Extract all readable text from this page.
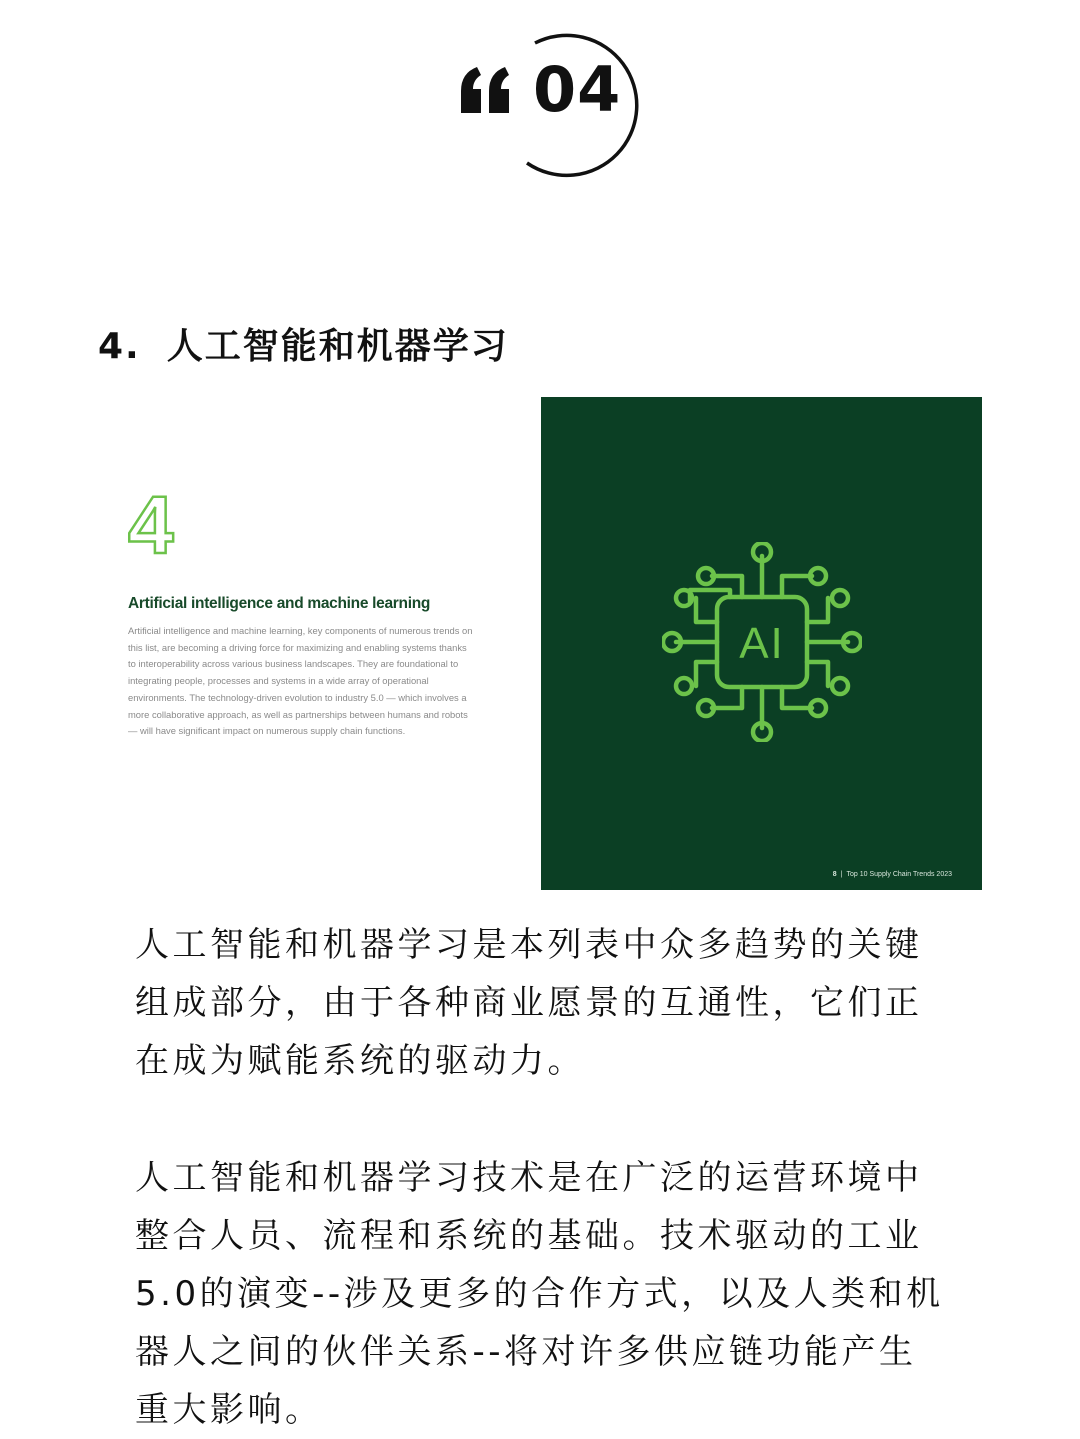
04
4. 人工智能和机器学习
4
Artificial intelligence and machine learning
Artificial intelligence and machine learning, key components of numerous trends on this list, are becoming a driving force for maximizing and enabling systems thanks to interoperability across various business landscapes. They are foundational to integrating people, processes and systems in a wide array of operational environments. The technology-driven evolution to industry 5.0 — which involves a more collaborative approach, as well as partnerships between humans and robots — will have significant impact on numerous supply chain functions.
AI
8 | Top 10 Supply Chain Trends 2023

人工智能和机器学习是本列表中众多趋势的关键组成部分，由于各种商业愿景的互通性，它们正在成为赋能系统的驱动力。

人工智能和机器学习技术是在广泛的运营环境中整合人员、流程和系统的基础。技术驱动的工业5.0的演变--涉及更多的合作方式，以及人类和机器人之间的伙伴关系--将对许多供应链功能产生重大影响。
